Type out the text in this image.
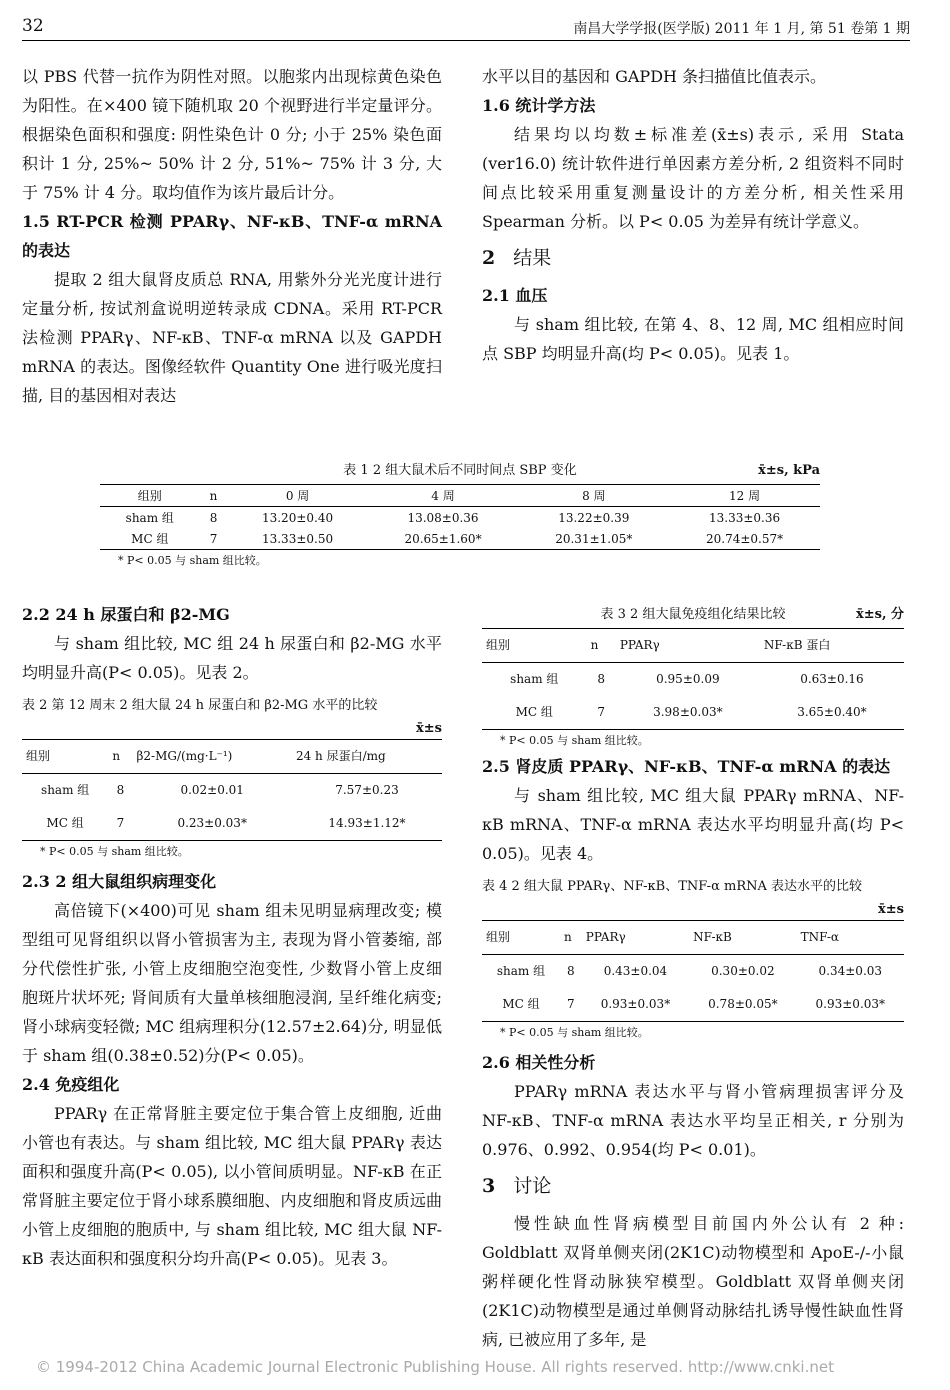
32	南昌大学学报(医学版) 2011 年 1 月, 第 51 卷第 1 期

以 PBS 代替一抗作为阴性对照。以胞浆内出现棕黄色染色为阳性。在×400 镜下随机取 20 个视野进行半定量评分。根据染色面积和强度: 阴性染色计 0 分; 小于 25% 染色面积计 1 分, 25%~ 50% 计 2 分, 51%~ 75% 计 3 分, 大于 75% 计 4 分。取均值作为该片最后计分。

1.5 RT-PCR 检测 PPARγ、NF-κB、TNF-α mRNA 的表达

提取 2 组大鼠肾皮质总 RNA, 用紫外分光光度计进行定量分析, 按试剂盒说明逆转录成 CDNA。采用 RT-PCR 法检测 PPARγ、NF-κB、TNF-α mRNA 以及 GAPDH mRNA 的表达。图像经软件 Quantity One 进行吸光度扫描, 目的基因相对表达

水平以目的基因和 GAPDH 条扫描值比值表示。

1.6 统计学方法

结果均以均数±标准差(x̄±s)表示, 采用 Stata (ver16.0) 统计软件进行单因素方差分析, 2 组资料不同时间点比较采用重复测量设计的方差分析, 相关性采用 Spearman 分析。以 P< 0.05 为差异有统计学意义。

2 结果

2.1 血压

与 sham 组比较, 在第 4、8、12 周, MC 组相应时间点 SBP 均明显升高(均 P< 0.05)。见表 1。

表 1 2 组大鼠术后不同时间点 SBP 变化	x̄±s, kPa
组别	n	0 周	4 周	8 周	12 周
sham 组	8	13.20±0.40	13.08±0.36	13.22±0.39	13.33±0.36
MC 组	7	13.33±0.50	20.65±1.60*	20.31±1.05*	20.74±0.57*
* P< 0.05 与 sham 组比较。

2.2 24 h 尿蛋白和 β2-MG

与 sham 组比较, MC 组 24 h 尿蛋白和 β2-MG 水平均明显升高(P< 0.05)。见表 2。

表 2 第 12 周末 2 组大鼠 24 h 尿蛋白和 β2-MG 水平的比较
x̄±s
组别	n	β2-MG/(mg·L⁻¹)	24 h 尿蛋白/mg
sham 组	8	0.02±0.01	7.57±0.23
MC 组	7	0.23±0.03*	14.93±1.12*
* P< 0.05 与 sham 组比较。

2.3 2 组大鼠组织病理变化

高倍镜下(×400)可见 sham 组未见明显病理改变; 模型组可见肾组织以肾小管损害为主, 表现为肾小管萎缩, 部分代偿性扩张, 小管上皮细胞空泡变性, 少数肾小管上皮细胞斑片状坏死; 肾间质有大量单核细胞浸润, 呈纤维化病变; 肾小球病变轻微; MC 组病理积分(12.57±2.64)分, 明显低于 sham 组(0.38±0.52)分(P< 0.05)。

2.4 免疫组化

PPARγ 在正常肾脏主要定位于集合管上皮细胞, 近曲小管也有表达。与 sham 组比较, MC 组大鼠 PPARγ 表达面积和强度升高(P< 0.05), 以小管间质明显。NF-κB 在正常肾脏主要定位于肾小球系膜细胞、内皮细胞和肾皮质远曲小管上皮细胞的胞质中, 与 sham 组比较, MC 组大鼠 NF-κB 表达面积和强度积分均升高(P< 0.05)。见表 3。

表 3 2 组大鼠免疫组化结果比较	x̄±s, 分
组别	n	PPARγ	NF-κB 蛋白
sham 组	8	0.95±0.09	0.63±0.16
MC 组	7	3.98±0.03*	3.65±0.40*
* P< 0.05 与 sham 组比较。

2.5 肾皮质 PPARγ、NF-κB、TNF-α mRNA 的表达

与 sham 组比较, MC 组大鼠 PPARγ mRNA、NF-κB mRNA、TNF-α mRNA 表达水平均明显升高(均 P< 0.05)。见表 4。

表 4 2 组大鼠 PPARγ、NF-κB、TNF-α mRNA 表达水平的比较
x̄±s
组别	n	PPARγ	NF-κB	TNF-α
sham 组	8	0.43±0.04	0.30±0.02	0.34±0.03
MC 组	7	0.93±0.03*	0.78±0.05*	0.93±0.03*
* P< 0.05 与 sham 组比较。

2.6 相关性分析

PPARγ mRNA 表达水平与肾小管病理损害评分及 NF-κB、TNF-α mRNA 表达水平均呈正相关, r 分别为 0.976、0.992、0.954(均 P< 0.01)。

3 讨论

慢性缺血性肾病模型目前国内外公认有 2 种: Goldblatt 双肾单侧夹闭(2K1C)动物模型和 ApoE-/-小鼠粥样硬化性肾动脉狭窄模型。Goldblatt 双肾单侧夹闭(2K1C)动物模型是通过单侧肾动脉结扎诱导慢性缺血性肾病, 已被应用了多年, 是

© 1994-2012 China Academic Journal Electronic Publishing House. All rights reserved. http://www.cnki.net
